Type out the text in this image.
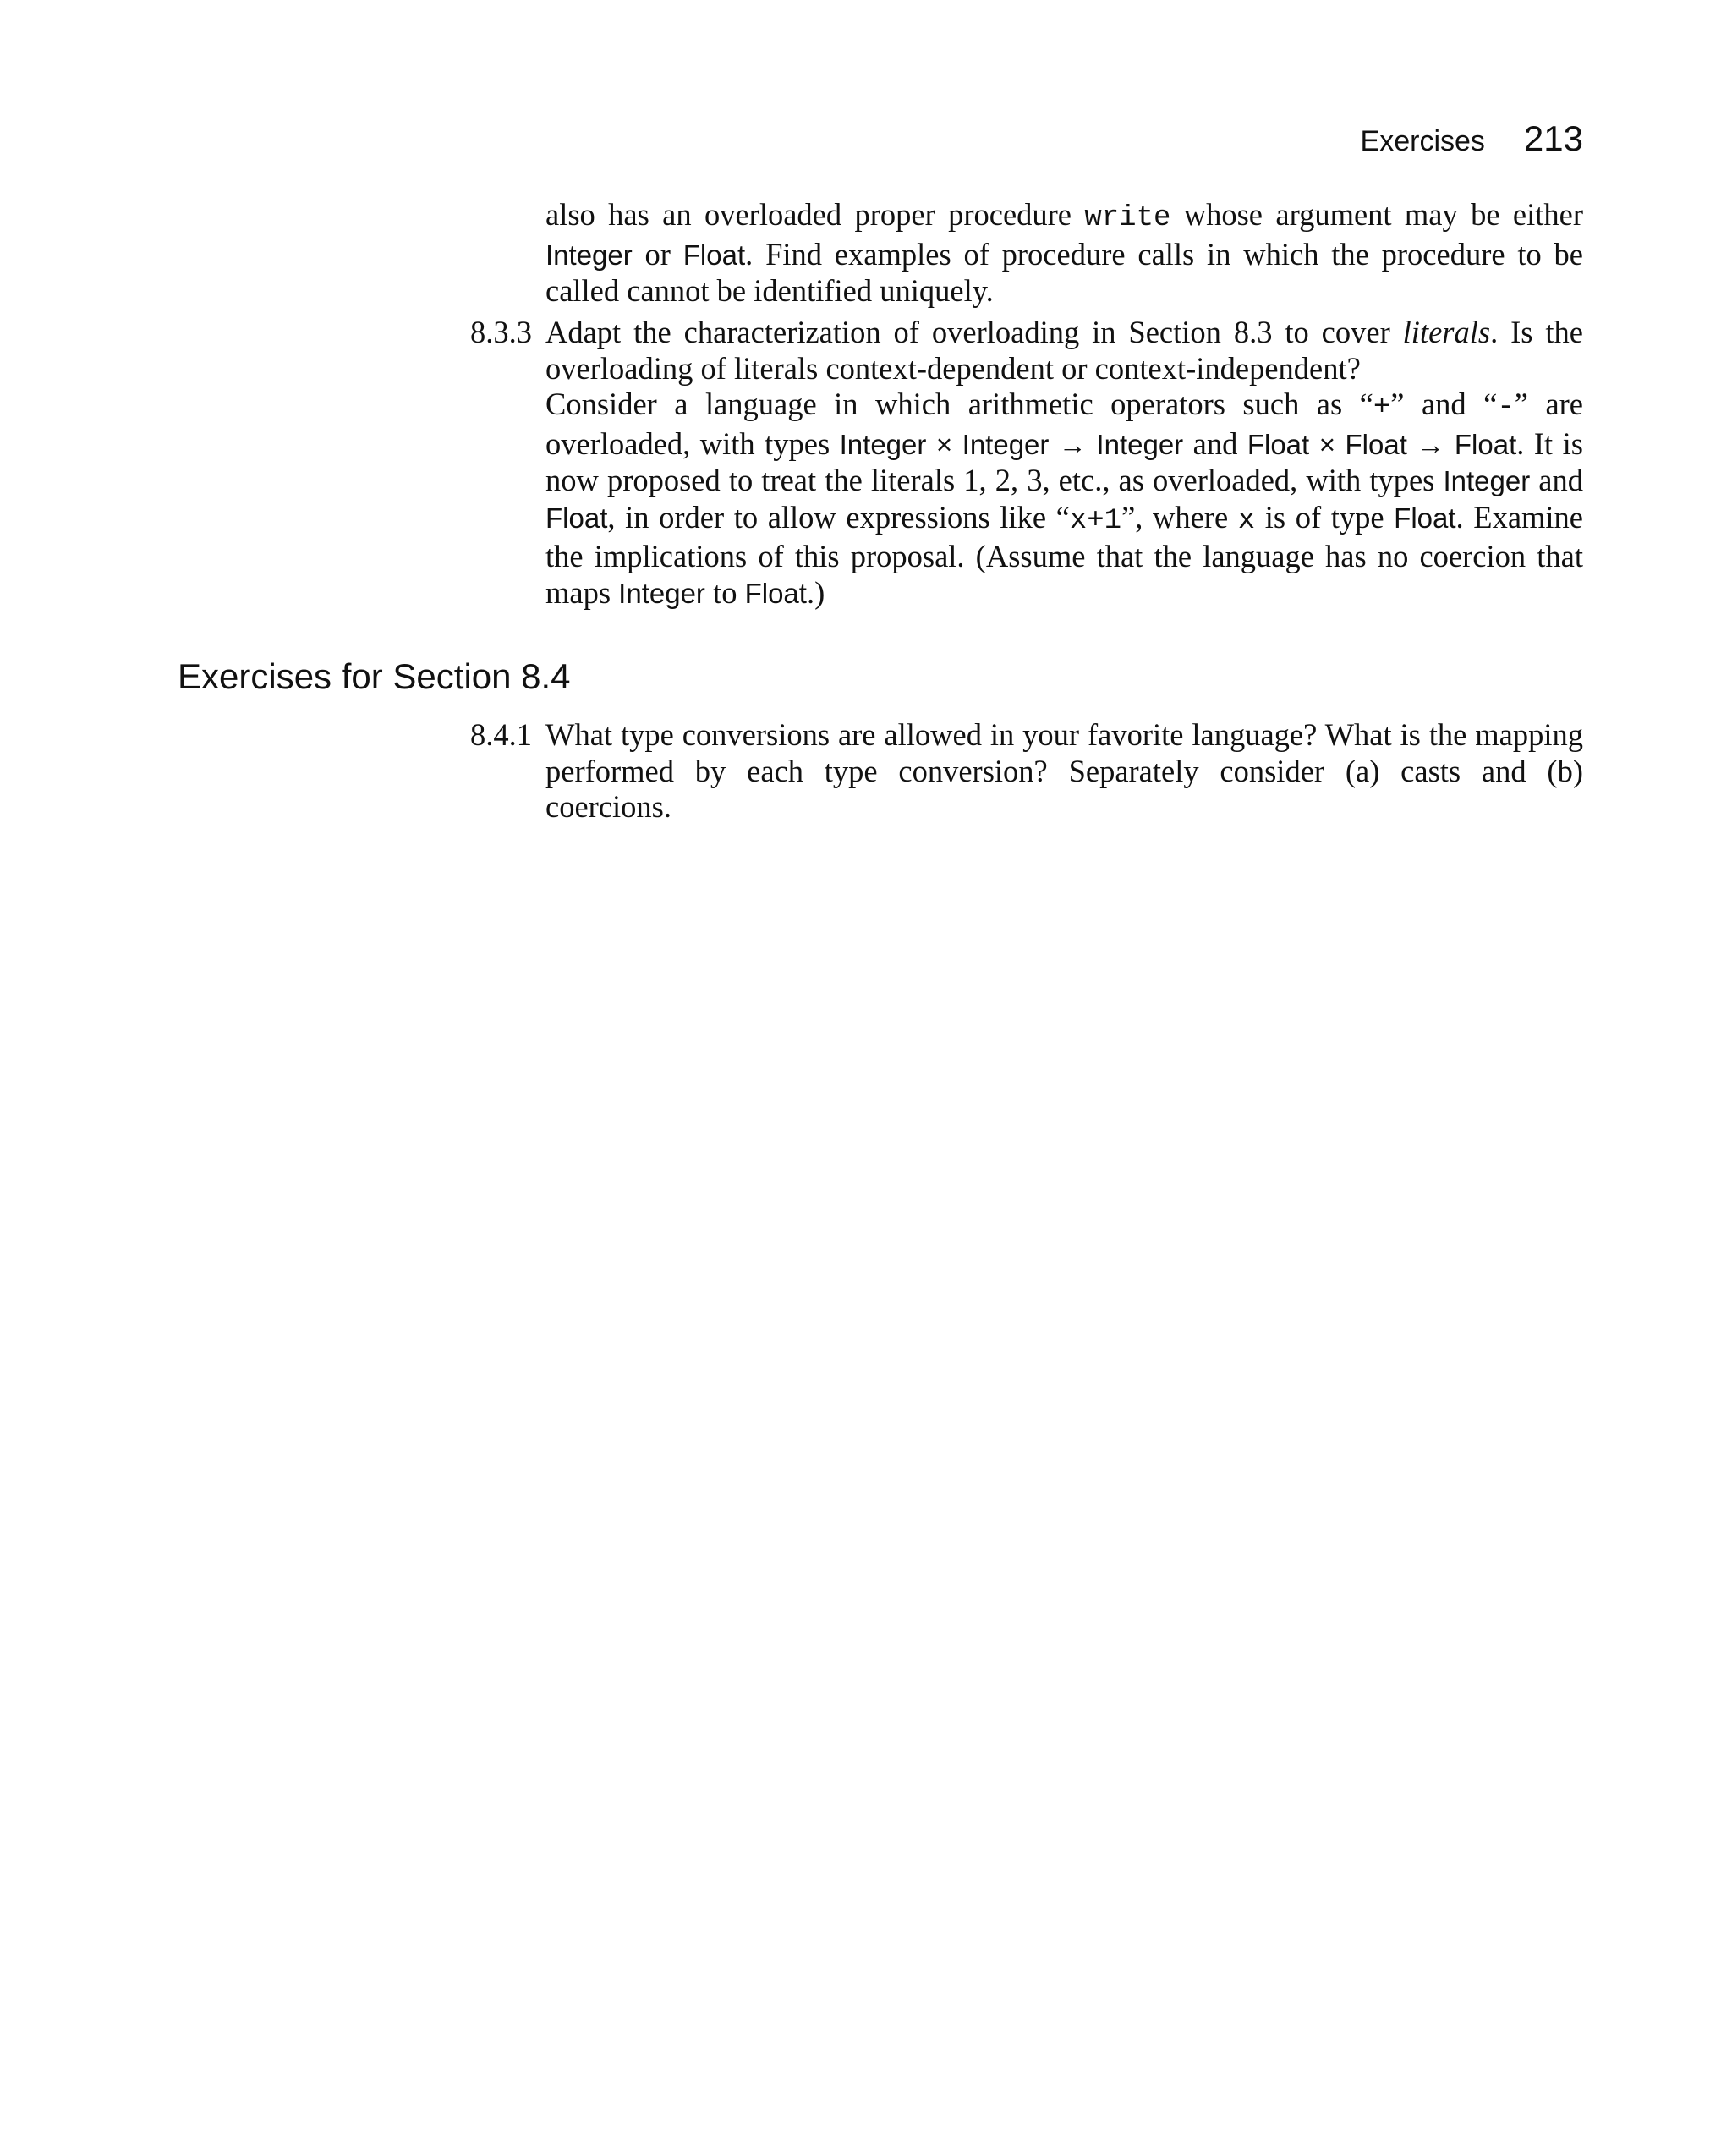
Exercises 213

also has an overloaded proper procedure write whose argument may be either Integer or Float. Find examples of procedure calls in which the procedure to be called cannot be identified uniquely.

8.3.3 Adapt the characterization of overloading in Section 8.3 to cover literals. Is the overloading of literals context-dependent or context-independent?

Consider a language in which arithmetic operators such as “+” and “-” are overloaded, with types Integer × Integer → Integer and Float × Float → Float. It is now proposed to treat the literals 1, 2, 3, etc., as overloaded, with types Integer and Float, in order to allow expressions like “x+1”, where x is of type Float. Examine the implications of this proposal. (Assume that the language has no coercion that maps Integer to Float.)

Exercises for Section 8.4
8.4.1 What type conversions are allowed in your favorite language? What is the mapping performed by each type conversion? Separately consider (a) casts and (b) coercions.
